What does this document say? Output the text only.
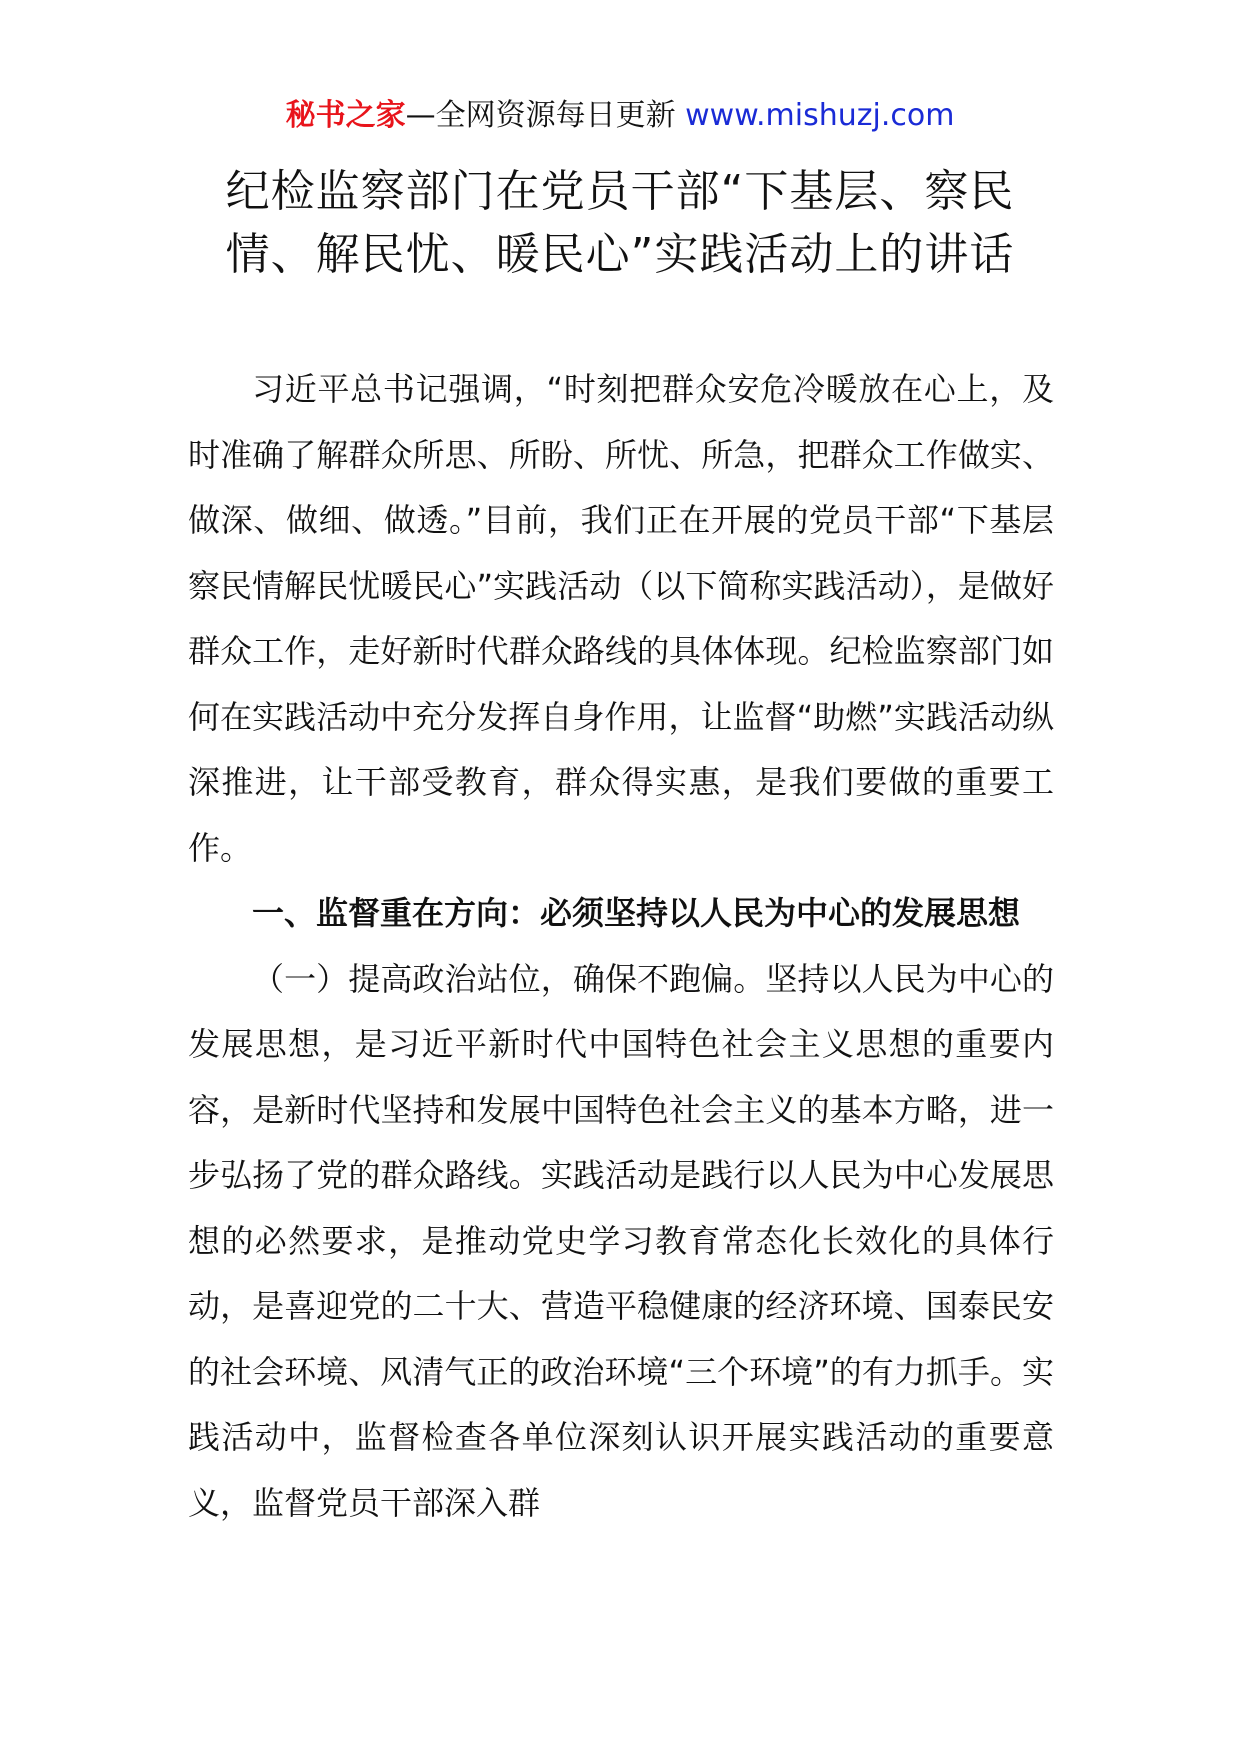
秘书之家—全网资源每日更新 www.mishuzj.com
纪检监察部门在党员干部“下基层、察民
情、解民忧、暖民心”实践活动上的讲话

习近平总书记强调，“时刻把群众安危冷暖放在心上，及时准确了解群众所思、所盼、所忧、所急，把群众工作做实、做深、做细、做透。”目前，我们正在开展的党员干部“下基层察民情解民忧暖民心”实践活动（以下简称实践活动），是做好群众工作，走好新时代群众路线的具体体现。纪检监察部门如何在实践活动中充分发挥自身作用，让监督“助燃”实践活动纵深推进，让干部受教育，群众得实惠，是我们要做的重要工作。

一、监督重在方向：必须坚持以人民为中心的发展思想

（一）提高政治站位，确保不跑偏。坚持以人民为中心的发展思想，是习近平新时代中国特色社会主义思想的重要内容，是新时代坚持和发展中国特色社会主义的基本方略，进一步弘扬了党的群众路线。实践活动是践行以人民为中心发展思想的必然要求，是推动党史学习教育常态化长效化的具体行动，是喜迎党的二十大、营造平稳健康的经济环境、国泰民安的社会环境、风清气正的政治环境“三个环境”的有力抓手。实践活动中，监督检查各单位深刻认识开展实践活动的重要意义，监督党员干部深入群
